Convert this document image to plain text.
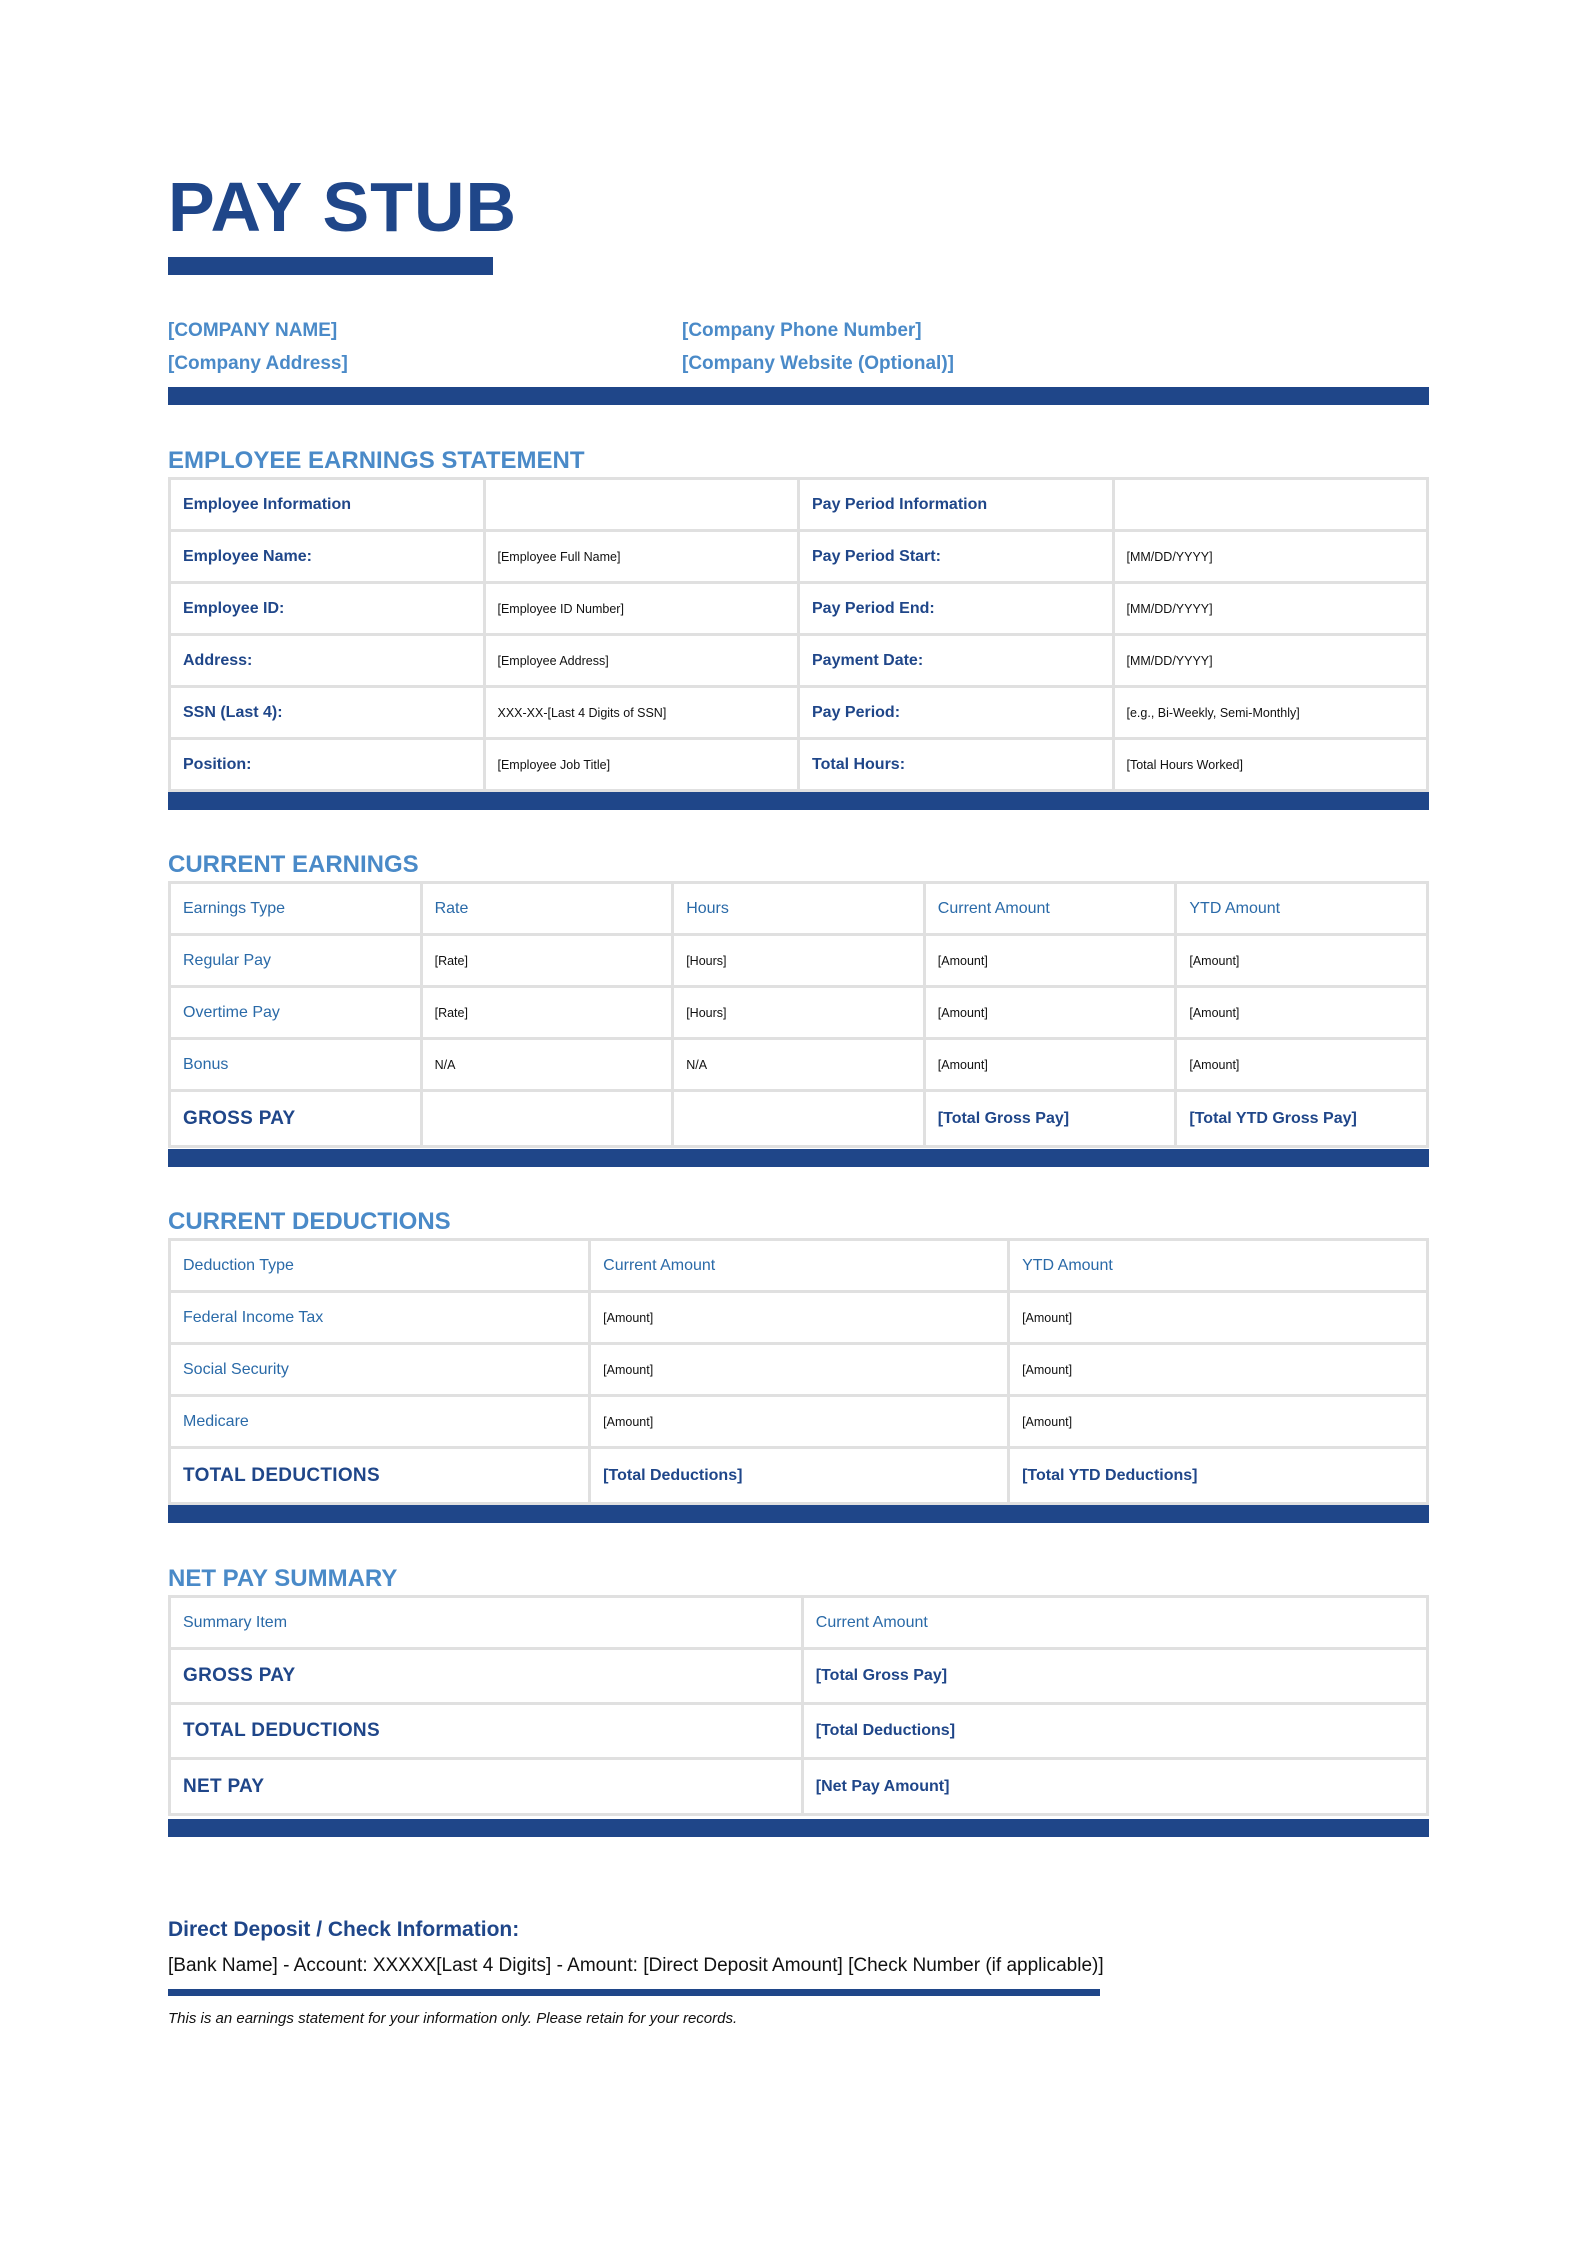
PAY STUB
[COMPANY NAME]
[Company Address]
[Company Phone Number]
[Company Website (Optional)]
EMPLOYEE EARNINGS STATEMENT
Employee Information		Pay Period Information	
Employee Name:	[Employee Full Name]	Pay Period Start:	[MM/DD/YYYY]
Employee ID:	[Employee ID Number]	Pay Period End:	[MM/DD/YYYY]
Address:	[Employee Address]	Payment Date:	[MM/DD/YYYY]
SSN (Last 4):	XXX-XX-[Last 4 Digits of SSN]	Pay Period:	[e.g., Bi-Weekly, Semi-Monthly]
Position:	[Employee Job Title]	Total Hours:	[Total Hours Worked]
CURRENT EARNINGS
Earnings Type	Rate	Hours	Current Amount	YTD Amount
Regular Pay	[Rate]	[Hours]	[Amount]	[Amount]
Overtime Pay	[Rate]	[Hours]	[Amount]	[Amount]
Bonus	N/A	N/A	[Amount]	[Amount]
GROSS PAY			[Total Gross Pay]	[Total YTD Gross Pay]
CURRENT DEDUCTIONS
Deduction Type	Current Amount	YTD Amount
Federal Income Tax	[Amount]	[Amount]
Social Security	[Amount]	[Amount]
Medicare	[Amount]	[Amount]
TOTAL DEDUCTIONS	[Total Deductions]	[Total YTD Deductions]
NET PAY SUMMARY
Summary Item	Current Amount
GROSS PAY	[Total Gross Pay]
TOTAL DEDUCTIONS	[Total Deductions]
NET PAY	[Net Pay Amount]
Direct Deposit / Check Information:
[Bank Name] - Account: XXXXX[Last 4 Digits] - Amount: [Direct Deposit Amount] [Check Number (if applicable)]
This is an earnings statement for your information only. Please retain for your records.
